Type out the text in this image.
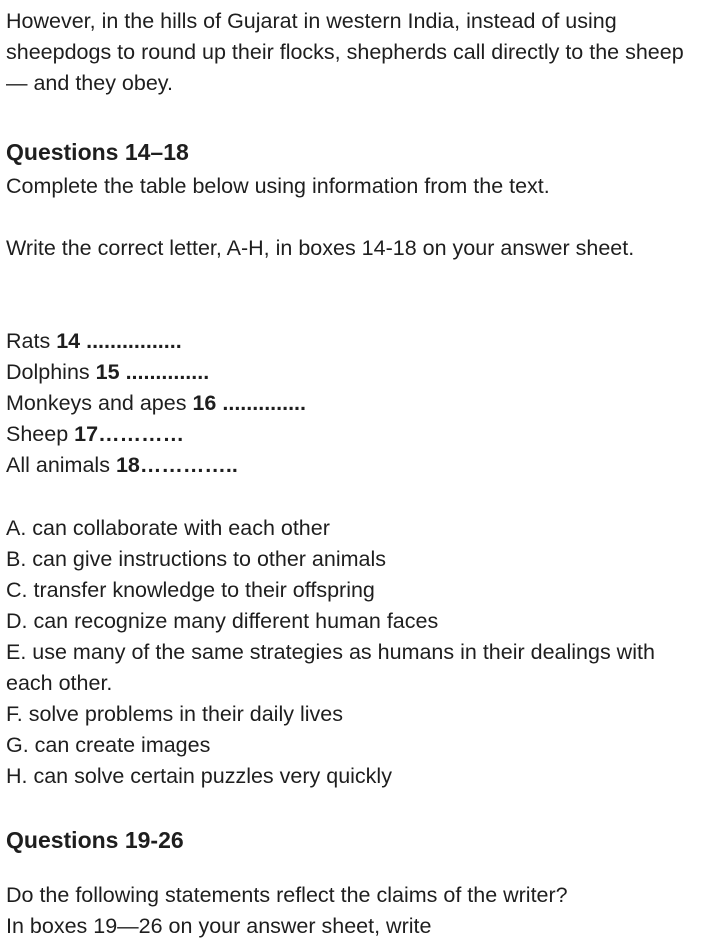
However, in the hills of Gujarat in western India, instead of using sheepdogs to round up their flocks, shepherds call directly to the sheep — and they obey.

Questions 14–18

Complete the table below using information from the text.

Write the correct letter, A-H, in boxes 14-18 on your answer sheet.

Rats 14 ................

Dolphins 15 ..............

Monkeys and apes 16 ..............

Sheep 17…………

All animals 18…………..

A. can collaborate with each other

B. can give instructions to other animals

C. transfer knowledge to their offspring

D. can recognize many different human faces

E. use many of the same strategies as humans in their dealings with each other.

F. solve problems in their daily lives

G. can create images

H. can solve certain puzzles very quickly

Questions 19-26

Do the following statements reflect the claims of the writer?

In boxes 19—26 on your answer sheet, write
